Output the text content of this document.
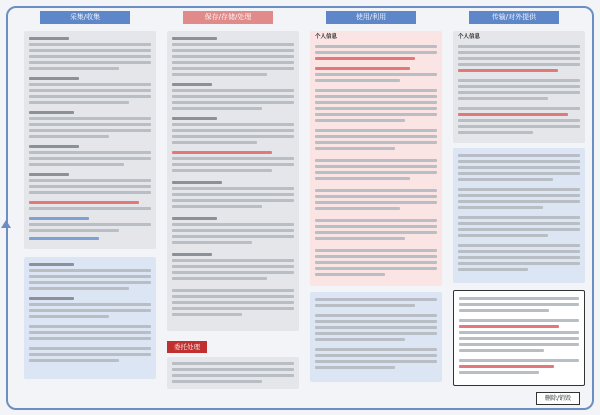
采集/收集	保存/存储/处理	使用/利用	传输/对外提供
委托处理
个人信息	个人信息
删除/销毁
